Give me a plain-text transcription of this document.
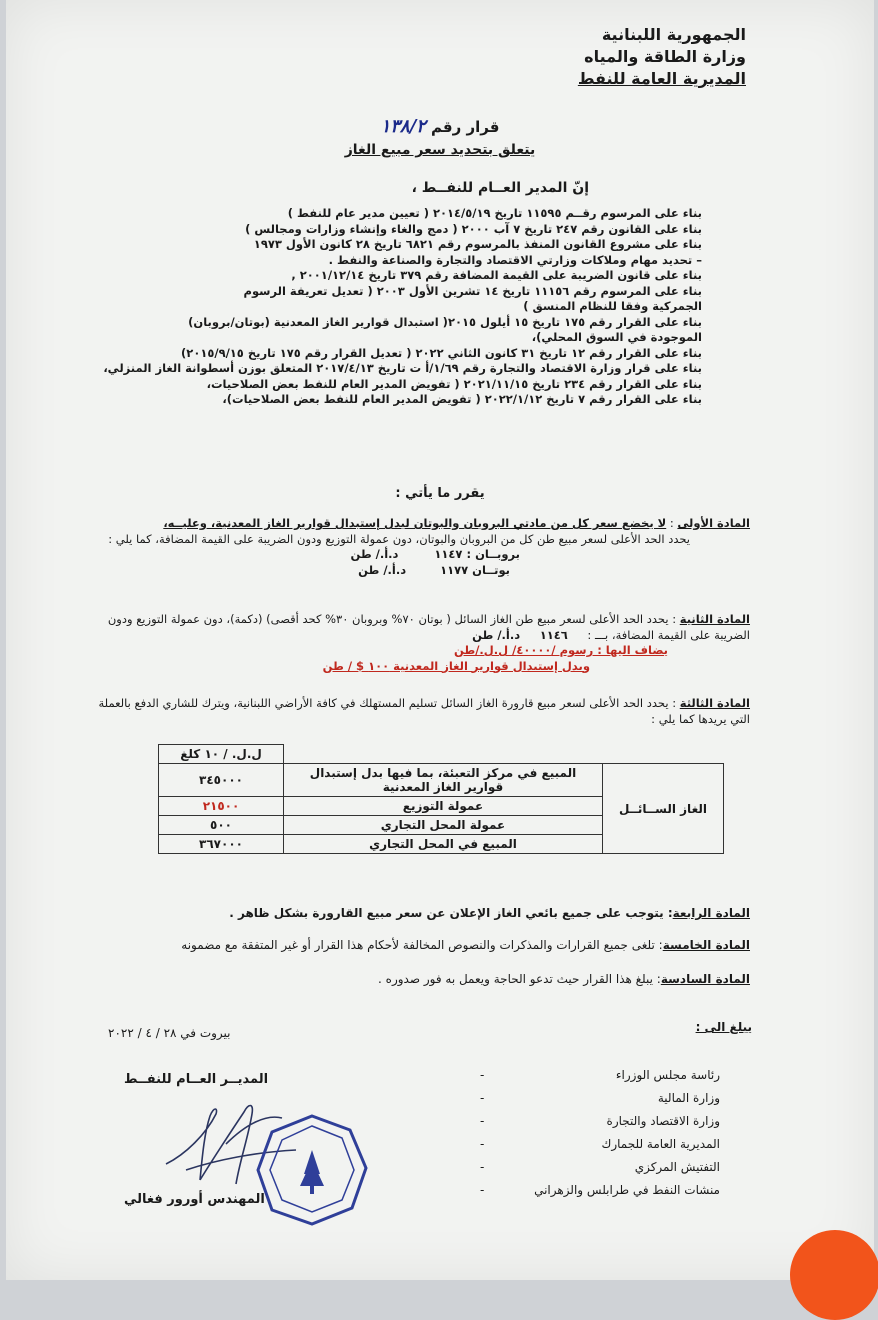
الجمهورية اللبنانية
وزارة الطاقة والمياه
المديرية العامة للنفط
قرار رقم ١٣٨/٢
يتعلق بتحديد سعر مبيع الغاز
إنّ المدير العــام للنفــط ،

بناء على المرسوم رقــم ١١٥٩٥ تاريخ ٢٠١٤/٥/١٩ ( تعيين مدير عام للنفط )

بناء على القانون رقم ٢٤٧ تاريخ ٧ آب ٢٠٠٠ ( دمج والغاء وإنشاء وزارات ومجالس )

بناء على مشروع القانون المنفذ بالمرسوم رقم ٦٨٢١ تاريخ ٢٨ كانون الأول ١٩٧٣

– تحديد مهام وملاكات وزارتي الاقتصاد والتجارة والصناعة والنفط .

بناء على قانون الضريبة على القيمة المضافة رقم ٣٧٩ تاريخ ٢٠٠١/١٢/١٤ ,

بناء على المرسوم رقم ١١١٥٦ تاريخ ١٤ تشرين الأول ٢٠٠٣ ( تعديل تعريفة الرسوم

الجمركية وفقا للنظام المنسق )

بناء على القرار رقم ١٧٥ تاريخ ١٥ أيلول ٢٠١٥( استبدال قوارير الغاز المعدنية (بوتان/بروبان)

الموجودة في السوق المحلي)،

بناء على القرار رقم ١٢ تاريخ ٣١ كانون الثاني ٢٠٢٢ ( تعديل القرار رقم ١٧٥ تاريخ ٢٠١٥/٩/١٥)

بناء على قرار وزارة الاقتصاد والتجارة رقم ١/٦٩/أ ت تاريخ ٢٠١٧/٤/١٣ المتعلق بوزن أسطوانة الغاز المنزلي،

بناء على القرار رقم ٢٣٤ تاريخ ٢٠٢١/١١/١٥ ( تفويض المدير العام للنفط بعض الصلاحيات،

بناء على القرار رقم ٧ تاريخ ٢٠٢٢/١/١٢ ( تفويض المدير العام للنفط بعض الصلاحيات)،

يقرر ما يأتي :

المادة الأولى : لا يخضع سعر كل من مادتي البروبان والبوتان لبدل إستبدال قوارير الغاز المعدنية، وعليــه،

يحدد الحد الأعلى لسعر مبيع طن كل من البروبان والبوتان، دون عمولة التوزيع ودون الضريبة على القيمة المضافة، كما يلي :

بروبــان : ١١٤٧ د.أ./ طن

بوتــان ١١٧٧ د.أ./ طن

المادة الثانية : يحدد الحد الأعلى لسعر مبيع طن الغاز السائل ( بوتان ٧٠% وبروبان ٣٠% كحد أقصى) (دكمة)، دون عمولة التوزيع ودون الضريبة على القيمة المضافة، بـــ : ١١٤٦ د.أ./ طن

يضاف اليها : رسوم /٤٠٠٠٠/ ل.ل./طن

وبدل إستبدال قوارير الغاز المعدنية ١٠٠ $ / طن

المادة الثالثة : يحدد الحد الأعلى لسعر مبيع قارورة الغاز السائل تسليم المستهلك في كافة الأراضي اللبنانية، ويترك للشاري الدفع بالعملة التي يريدها كما يلي :

		ل.ل. / ١٠ كلغ
الغاز الســائــل	المبيع في مركز التعبئة، بما فيها بدل إستبدال قوارير الغاز المعدنية	٣٤٥٠٠٠
	عمولة التوزيع	٢١٥٠٠
	عمولة المحل التجاري	٥٠٠
	المبيع في المحل التجاري	٣٦٧٠٠٠
المادة الرابعة: يتوجب على جميع بائعي الغاز الإعلان عن سعر مبيع القارورة بشكل ظاهر .
المادة الخامسة: تلغى جميع القرارات والمذكرات والنصوص المخالفة لأحكام هذا القرار أو غير المتفقة مع مضمونه
المادة السادسة: يبلغ هذا القرار حيث تدعو الحاجة ويعمل به فور صدوره .
بيروت في ٢٨ / ٤ / ٢٠٢٢	يبلغ الى :
- رئاسة مجلس الوزراء
- وزارة المالية
- وزارة الاقتصاد والتجارة
- المديرية العامة للجمارك
- التفتيش المركزي
- منشات النفط في طرابلس والزهراني
المديــر العــام للنفــط
المهندس أورور فغالي
